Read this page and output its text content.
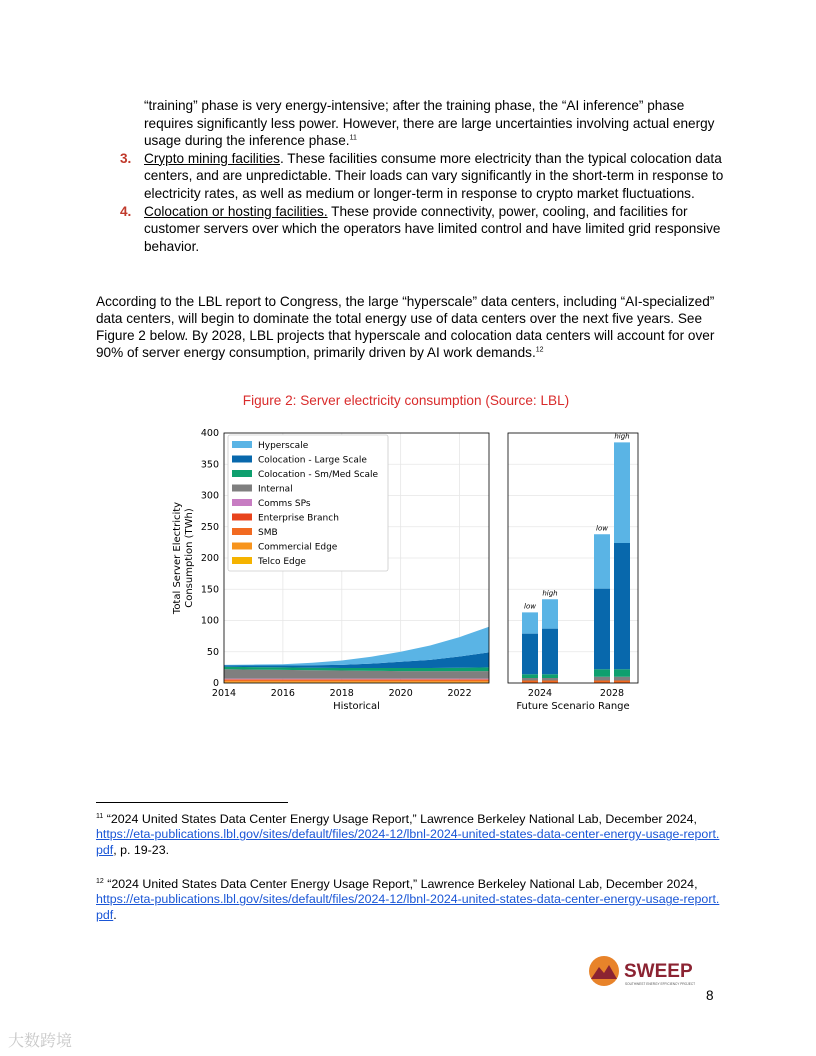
“training” phase is very energy-intensive; after the training phase, the “AI inference” phase requires significantly less power. However, there are large uncertainties involving actual energy usage during the inference phase.$^{11}$
3. Crypto mining facilities. These facilities consume more electricity than the typical colocation data centers, and are unpredictable. Their loads can vary significantly in the short-term in response to electricity rates, as well as medium or longer-term in response to crypto market fluctuations.
4. Colocation or hosting facilities. These provide connectivity, power, cooling, and facilities for customer servers over which the operators have limited control and have limited grid responsive behavior.
According to the LBL report to Congress, the large “hyperscale” data centers, including “AI-specialized” data centers, will begin to dominate the total energy use of data centers over the next five years. See Figure 2 below. By 2028, LBL projects that hyperscale and colocation data centers will account for over 90% of server energy consumption, primarily driven by AI work demands.$^{12}$
Figure 2: Server electricity consumption (Source: LBL)
0
50
100
150
200
250
300
350
400
2014	2016	2018	2020	2022
Historical
Total Server Electricity Consumption (TWh)
Hyperscale
Colocation - Large Scale
Colocation - Sm/Med Scale
Internal
Comms SPs
Enterprise Branch
SMB
Commercial Edge
Telco Edge
low
high
low
high
2024	2028
Future Scenario Range
$^{11}$ “2024 United States Data Center Energy Usage Report,” Lawrence Berkeley National Lab, December 2024,
https://eta-publications.lbl.gov/sites/default/files/2024-12/lbnl-2024-united-states-data-center-energy-usage-report.pdf, p. 19-23.
$^{12}$ “2024 United States Data Center Energy Usage Report,” Lawrence Berkeley National Lab, December 2024,
https://eta-publications.lbl.gov/sites/default/files/2024-12/lbnl-2024-united-states-data-center-energy-usage-report.pdf.
SWEEP
SOUTHWEST ENERGY EFFICIENCY PROJECT
8
大数跨境
